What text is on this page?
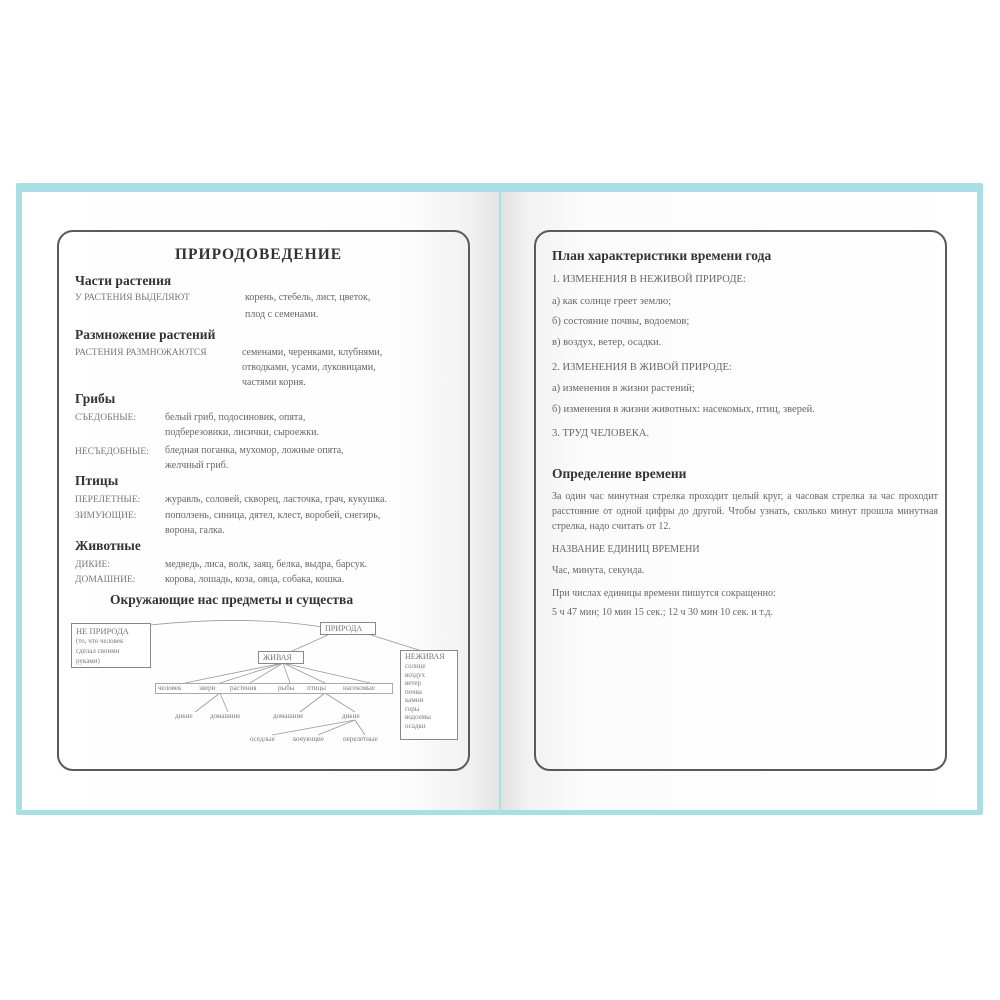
ПРИРОДОВЕДЕНИЕ
Части растения
У РАСТЕНИЯ ВЫДЕЛЯЮТ	корень, стебель, лист, цветок,
плод с семенами.
Размножение растений
РАСТЕНИЯ РАЗМНОЖАЮТСЯ	семенами, черенками, клубнями,
отводками, усами, луковицами,
частями корня.
Грибы
СЪЕДОБНЫЕ:	белый гриб, подосиновик, опята,
подберезовики, лисички, сыроежки.
НЕСЪЕДОБНЫЕ: бледная поганка, мухомор, ложные опята,
желчный гриб.
Птицы
ПЕРЕЛЕТНЫЕ: журавль, соловей, скворец, ласточка, грач, кукушка.
ЗИМУЮЩИЕ:	поползень, синица, дятел, клест, воробей, снегирь,
ворона, галка.
Животные
ДИКИЕ:	медведь, лиса, волк, заяц, белка, выдра, барсук.
ДОМАШНИЕ:	корова, лошадь, коза, овца, собака, кошка.
Окружающие нас предметы и существа
НЕ ПРИРОДА
(то, что человек
сделал своими
руками)
ПРИРОДА
ЖИВАЯ	НЕЖИВАЯ
солнце
воздух
ветер
почва
камни
горы
водоемы
осадки
человек	звери растения	рыбы птицы насекомые
дикие домашние	домашние	дикие
оседлые	кочующие	перелетные
План характеристики времени года
1. ИЗМЕНЕНИЯ В НЕЖИВОЙ ПРИРОДЕ:
а) как солнце греет землю;
б) состояние почвы, водоемов;
в) воздух, ветер, осадки.
2. ИЗМЕНЕНИЯ В ЖИВОЙ ПРИРОДЕ:
а) изменения в жизни растений;
б) изменения в жизни животных: насекомых, птиц, зверей.
3. ТРУД ЧЕЛОВЕКА.
Определение времени
За один час минутная стрелка проходит целый круг, а часовая стрелка за час проходит расстояние от одной цифры до другой. Чтобы узнать, сколько минут прошла минутная стрелка, надо считать от 12.
НАЗВАНИЕ ЕДИНИЦ ВРЕМЕНИ
Час, минута, секунда.
При числах единицы времени пишутся сокращенно:
5 ч 47 мин; 10 мин 15 сек.; 12 ч 30 мин 10 сек. и т.д.
